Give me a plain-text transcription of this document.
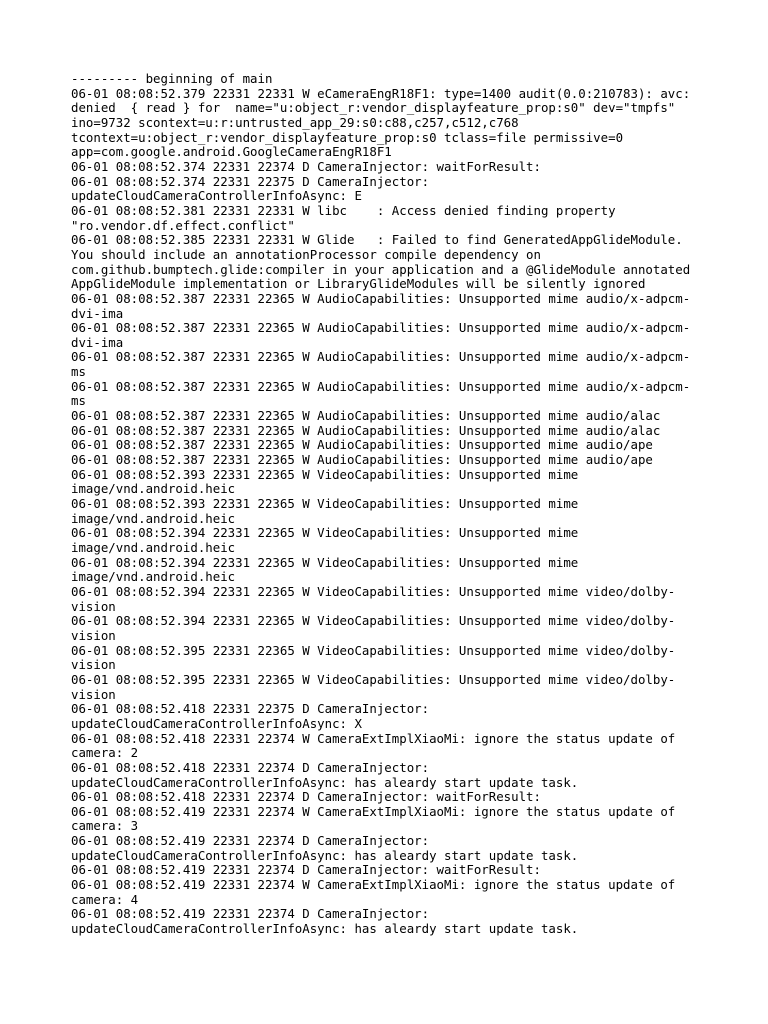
--------- beginning of main
06-01 08:08:52.379 22331 22331 W eCameraEngR18F1: type=1400 audit(0.0:210783): avc:
denied  { read } for  name="u:object_r:vendor_displayfeature_prop:s0" dev="tmpfs"
ino=9732 scontext=u:r:untrusted_app_29:s0:c88,c257,c512,c768
tcontext=u:object_r:vendor_displayfeature_prop:s0 tclass=file permissive=0
app=com.google.android.GoogleCameraEngR18F1
06-01 08:08:52.374 22331 22374 D CameraInjector: waitForResult:
06-01 08:08:52.374 22331 22375 D CameraInjector:
updateCloudCameraControllerInfoAsync: E
06-01 08:08:52.381 22331 22331 W libc    : Access denied finding property
"ro.vendor.df.effect.conflict"
06-01 08:08:52.385 22331 22331 W Glide   : Failed to find GeneratedAppGlideModule.
You should include an annotationProcessor compile dependency on
com.github.bumptech.glide:compiler in your application and a @GlideModule annotated
AppGlideModule implementation or LibraryGlideModules will be silently ignored
06-01 08:08:52.387 22331 22365 W AudioCapabilities: Unsupported mime audio/x-adpcm-
dvi-ima
06-01 08:08:52.387 22331 22365 W AudioCapabilities: Unsupported mime audio/x-adpcm-
dvi-ima
06-01 08:08:52.387 22331 22365 W AudioCapabilities: Unsupported mime audio/x-adpcm-
ms
06-01 08:08:52.387 22331 22365 W AudioCapabilities: Unsupported mime audio/x-adpcm-
ms
06-01 08:08:52.387 22331 22365 W AudioCapabilities: Unsupported mime audio/alac
06-01 08:08:52.387 22331 22365 W AudioCapabilities: Unsupported mime audio/alac
06-01 08:08:52.387 22331 22365 W AudioCapabilities: Unsupported mime audio/ape
06-01 08:08:52.387 22331 22365 W AudioCapabilities: Unsupported mime audio/ape
06-01 08:08:52.393 22331 22365 W VideoCapabilities: Unsupported mime
image/vnd.android.heic
06-01 08:08:52.393 22331 22365 W VideoCapabilities: Unsupported mime
image/vnd.android.heic
06-01 08:08:52.394 22331 22365 W VideoCapabilities: Unsupported mime
image/vnd.android.heic
06-01 08:08:52.394 22331 22365 W VideoCapabilities: Unsupported mime
image/vnd.android.heic
06-01 08:08:52.394 22331 22365 W VideoCapabilities: Unsupported mime video/dolby-
vision
06-01 08:08:52.394 22331 22365 W VideoCapabilities: Unsupported mime video/dolby-
vision
06-01 08:08:52.395 22331 22365 W VideoCapabilities: Unsupported mime video/dolby-
vision
06-01 08:08:52.395 22331 22365 W VideoCapabilities: Unsupported mime video/dolby-
vision
06-01 08:08:52.418 22331 22375 D CameraInjector:
updateCloudCameraControllerInfoAsync: X
06-01 08:08:52.418 22331 22374 W CameraExtImplXiaoMi: ignore the status update of
camera: 2
06-01 08:08:52.418 22331 22374 D CameraInjector:
updateCloudCameraControllerInfoAsync: has aleardy start update task.
06-01 08:08:52.418 22331 22374 D CameraInjector: waitForResult:
06-01 08:08:52.419 22331 22374 W CameraExtImplXiaoMi: ignore the status update of
camera: 3
06-01 08:08:52.419 22331 22374 D CameraInjector:
updateCloudCameraControllerInfoAsync: has aleardy start update task.
06-01 08:08:52.419 22331 22374 D CameraInjector: waitForResult:
06-01 08:08:52.419 22331 22374 W CameraExtImplXiaoMi: ignore the status update of
camera: 4
06-01 08:08:52.419 22331 22374 D CameraInjector:
updateCloudCameraControllerInfoAsync: has aleardy start update task.
